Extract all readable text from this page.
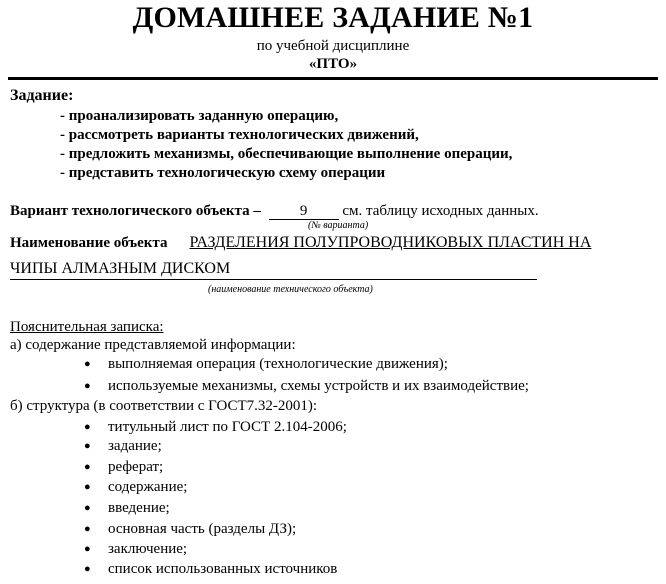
ДОМАШНЕЕ ЗАДАНИЕ №1
по учебной дисциплине
«ПТО»
Задание:
- проанализировать заданную операцию,
- рассмотреть варианты технологических движений,
- предложить механизмы, обеспечивающие выполнение операции,
- представить технологическую схему операции
Вариант технологического объекта –	9 см. таблицу исходных данных.
(№ варианта)
Наименование объекта РАЗДЕЛЕНИЯ ПОЛУПРОВОДНИКОВЫХ ПЛАСТИН НА
ЧИПЫ АЛМАЗНЫМ ДИСКОМ
(наименование технического объекта)
Пояснительная записка:
а) содержание представляемой информации:
● выполняемая операция (технологические движения);
● используемые механизмы, схемы устройств и их взаимодействие;
б) структура (в соответствии с ГОСТ7.32-2001):
● титульный лист по ГОСТ 2.104-2006;
● задание;
● реферат;
● содержание;
● введение;
● основная часть (разделы ДЗ);
● заключение;
● список использованных источников
